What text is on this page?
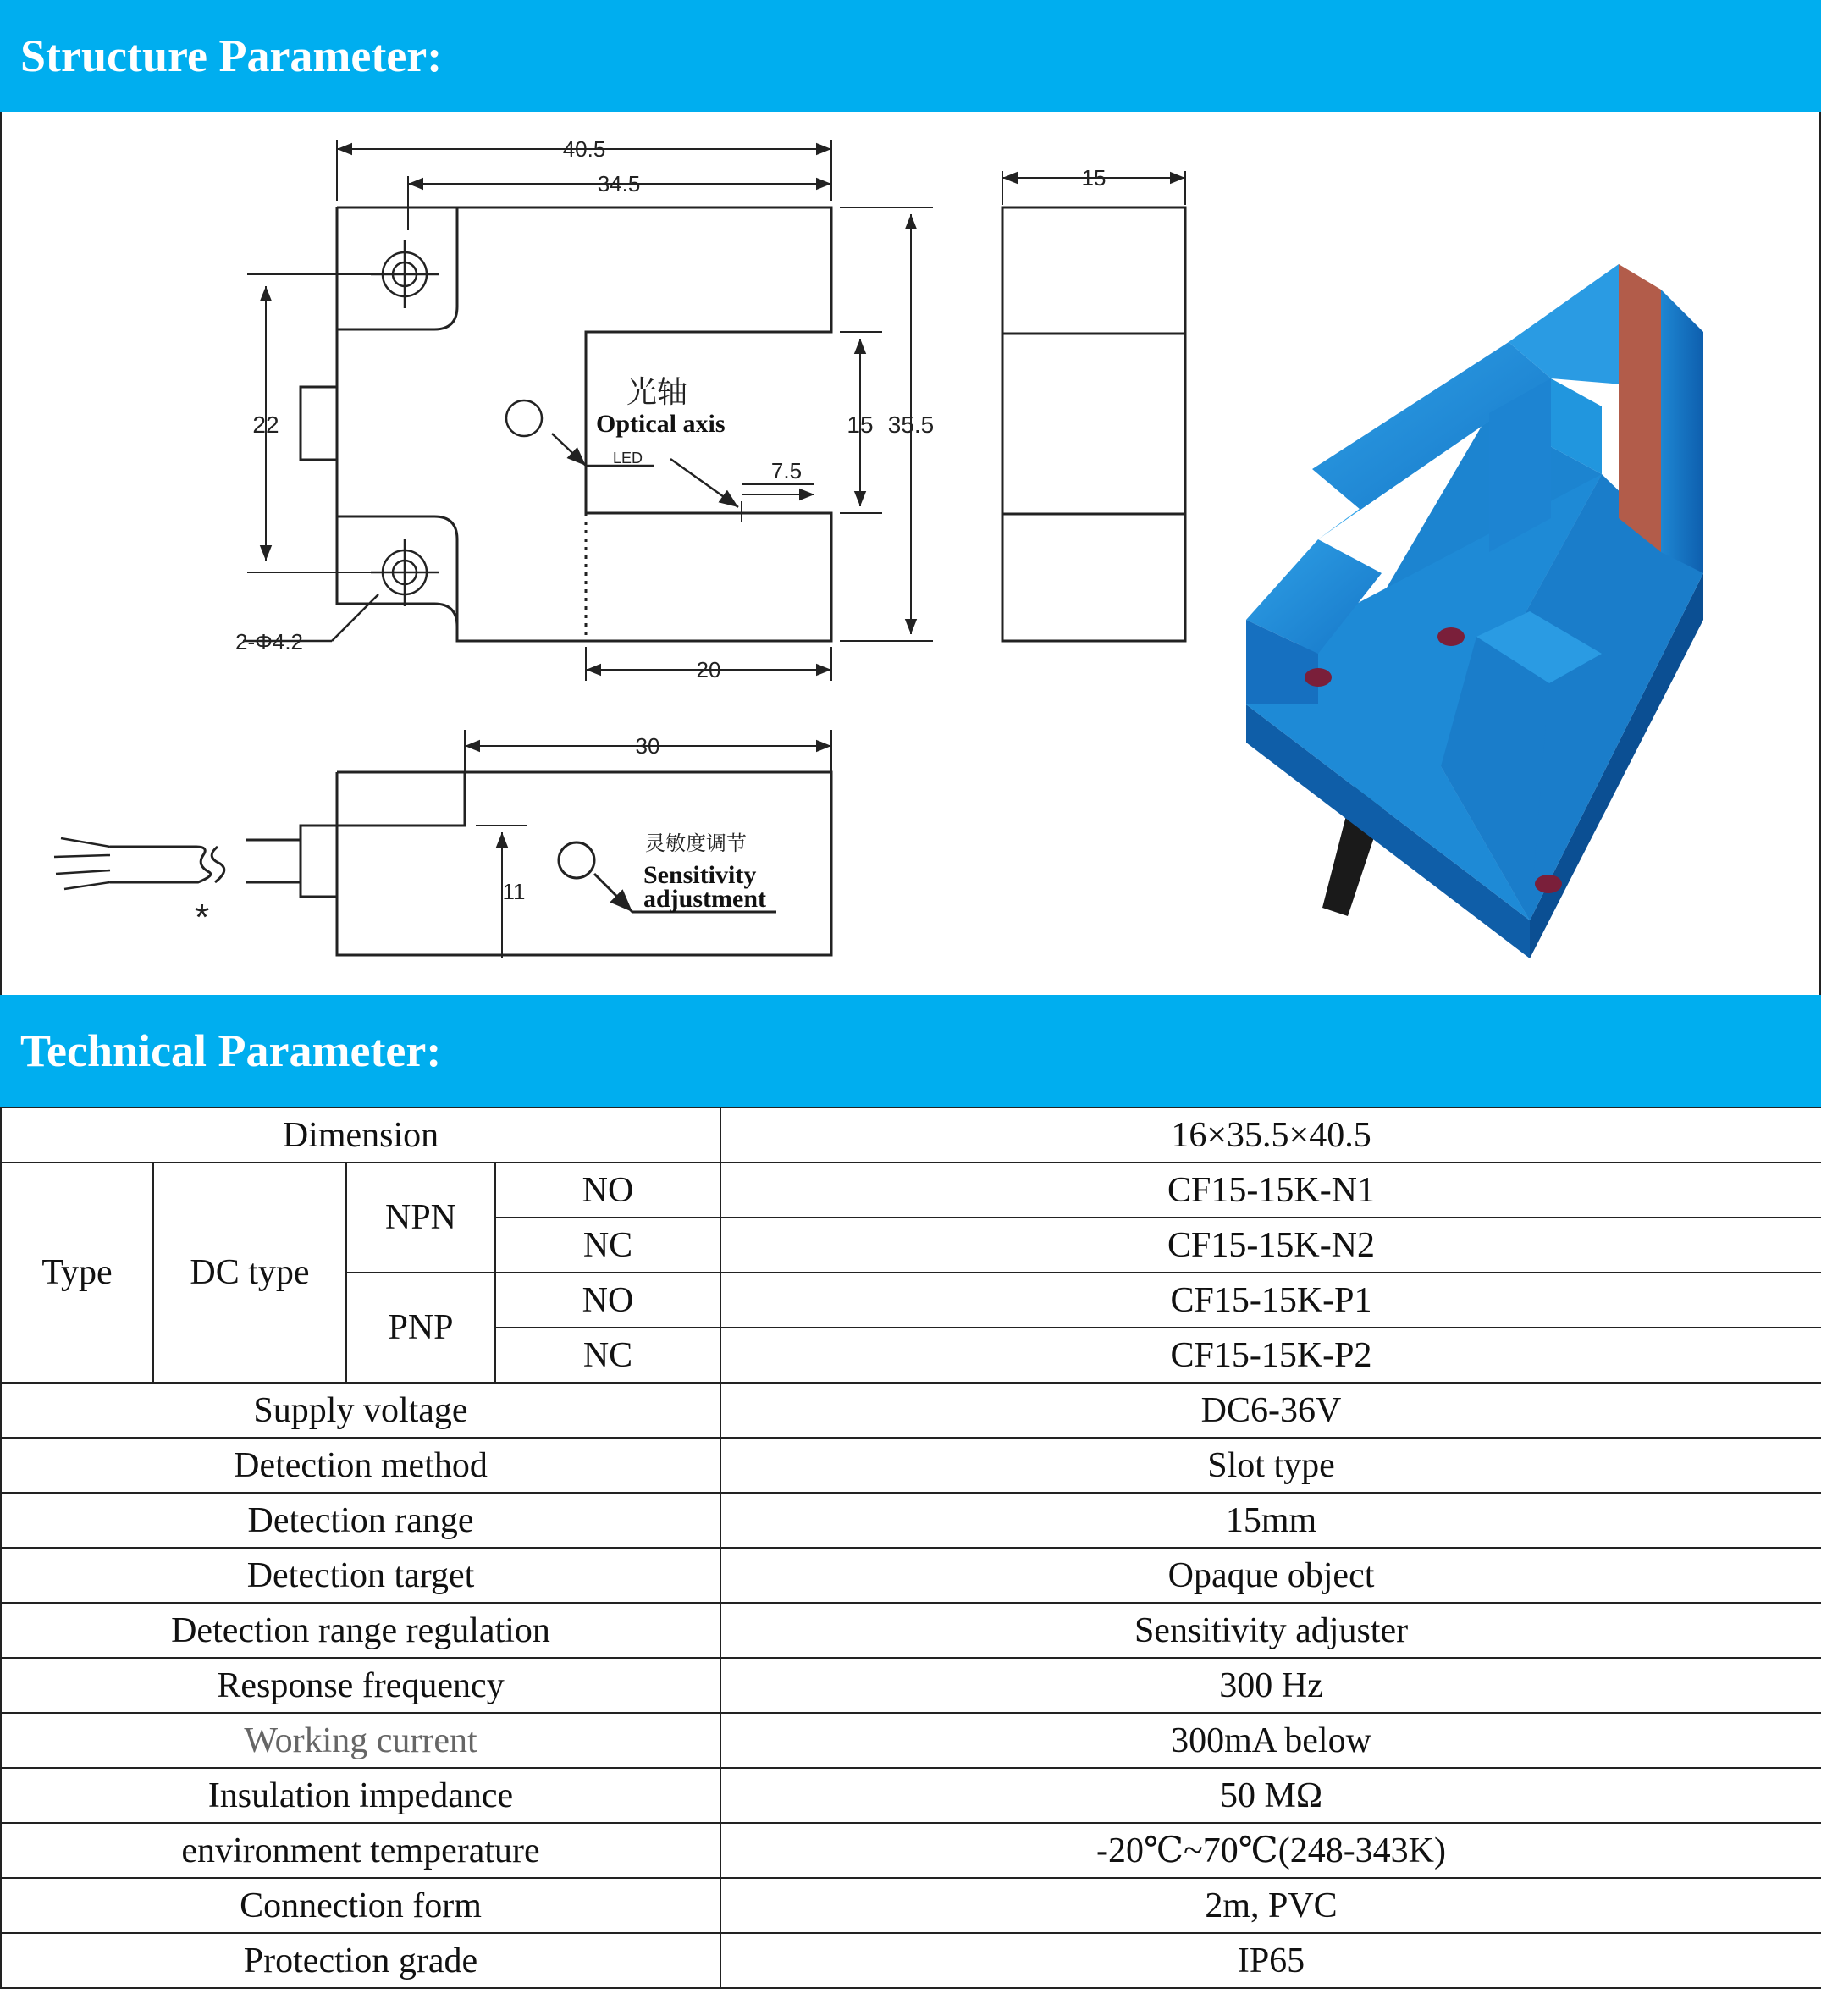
Structure Parameter:
40.5
34.5	15
22	15 35.5
7.5
20
30
11
2-Φ4.2
光轴
Optical axis
LED
灵敏度调节
Sensitivity
adjustment
*
Technical Parameter:
Dimension				16×35.5×40.5
Type	DC type	NPN	NO	CF15-15K-N1
			NC	CF15-15K-N2
		PNP	NO	CF15-15K-P1
			NC	CF15-15K-P2
Supply voltage				DC6-36V
Detection method				Slot type
Detection range				15mm
Detection target				Opaque object
Detection range regulation				Sensitivity adjuster
Response frequency				300 Hz
Working current				300mA below
Insulation impedance				50 MΩ
environment temperature				-20℃~70℃(248-343K)
Connection form				2m, PVC
Protection grade				IP65
